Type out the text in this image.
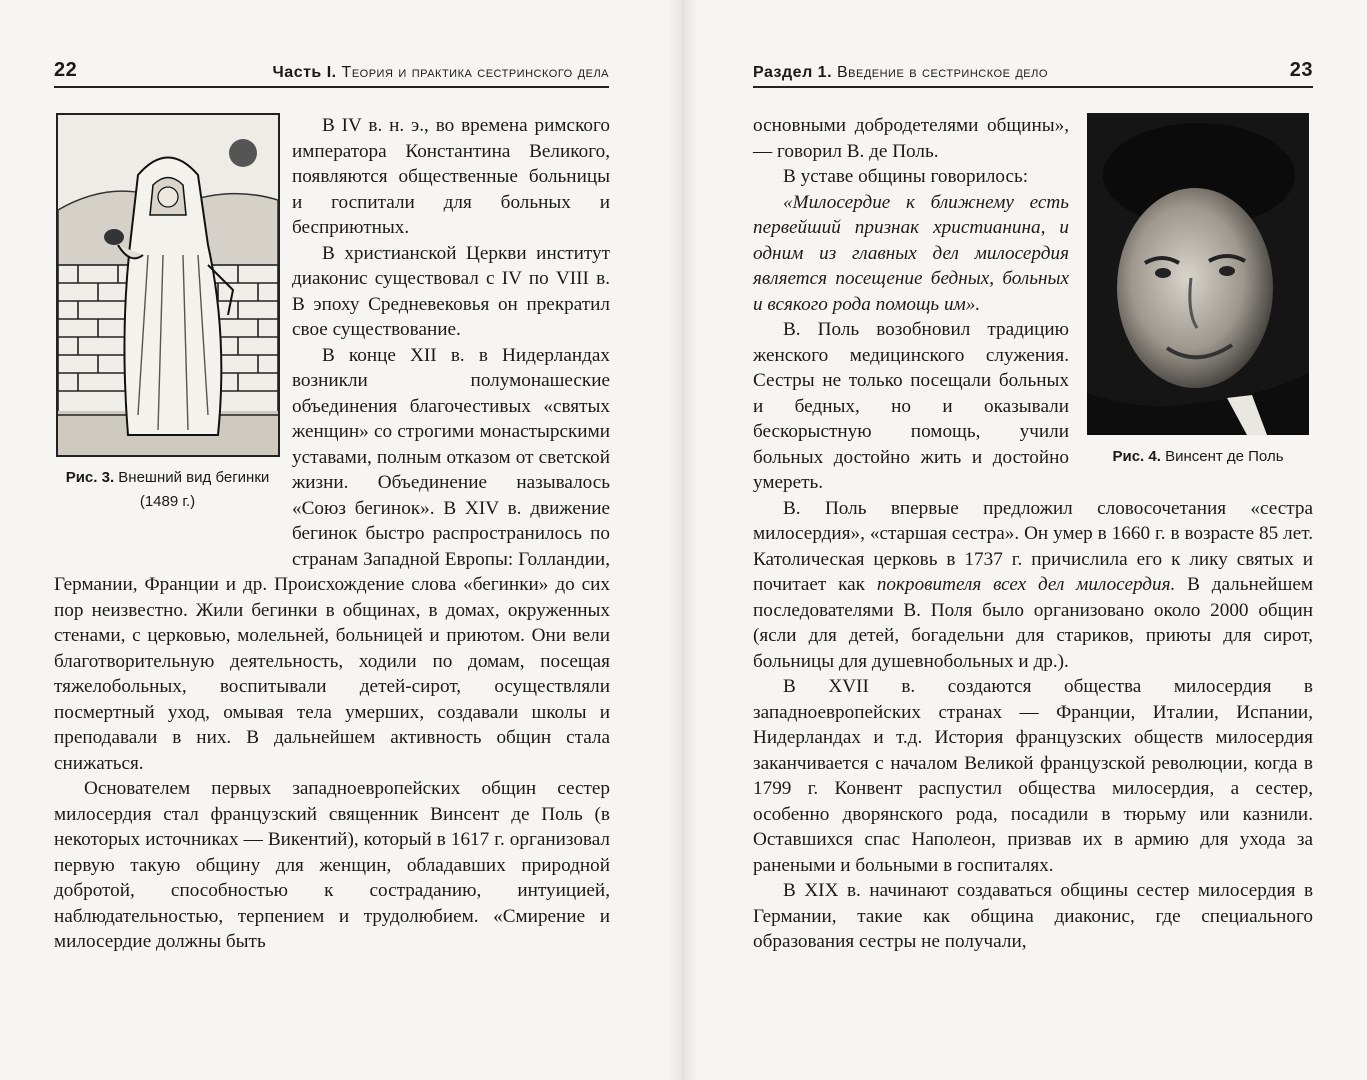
22	Часть I. Теория и практика сестринского дела
Рис. 3. Внешний вид бегинки (1489 г.)

В IV в. н. э., во времена римского императора Константина Великого, появляются общественные больницы и госпитали для больных и бесприютных.

В христианской Церкви институт диаконис существовал с IV по VIII в. В эпоху Средневековья он прекратил свое существование.

В конце XII в. в Нидерландах возникли полумонашеские объединения благочестивых «святых женщин» со строгими монастырскими уставами, полным отказом от светской жизни. Объединение называлось «Союз бегинок». В XIV в. движение бегинок быстро распространилось по странам Западной Европы: Голландии, Германии, Франции и др. Происхождение слова «бегинки» до сих пор неизвестно. Жили бегинки в общинах, в домах, окруженных стенами, с церковью, молельней, больницей и приютом. Они вели благотворительную деятельность, ходили по домам, посещая тяжелобольных, воспитывали детей-сирот, осуществляли посмертный уход, омывая тела умерших, создавали школы и преподавали в них. В дальнейшем активность общин стала снижаться.

Основателем первых западноевропейских общин сестер милосердия стал французский священник Винсент де Поль (в некоторых источниках — Викентий), который в 1617 г. организовал первую такую общину для женщин, обладавших природной добротой, способностью к сострадaнию, интуицией, наблюдательностью, терпением и трудолюбием. «Смирение и милосердие должны быть

Раздел 1. Введение в сестринское дело	23
Рис. 4. Винсент де Поль

основными добродетелями общины», — говорил В. де Поль.

В уставе общины говорилось:

«Милосердие к ближнему есть первейший признак христианина, и одним из главных дел милосердия является посещение бедных, больных и всякого рода помощь им».

В. Поль возобновил традицию женского медицинского служения. Сестры не только посещали больных и бедных, но и оказывали бескорыстную помощь, учили больных достойно жить и достойно умереть.

В. Поль впервые предложил словосочетания «сестра милосердия», «старшая сестра». Он умер в 1660 г. в возрасте 85 лет. Католическая церковь в 1737 г. причислила его к лику святых и почитает как покровителя всех дел милосердия. В дальнейшем последователями В. Поля было организовано около 2000 общин (ясли для детей, богадельни для стариков, приюты для сирот, больницы для душевнобольных и др.).

В XVII в. создаются общества милосердия в западноевропейских странах — Франции, Италии, Испании, Нидерландах и т.д. История французских обществ милосердия заканчивается с началом Великой французской революции, когда в 1799 г. Конвент распустил общества милосердия, а сестер, особенно дворянского рода, посадили в тюрьму или казнили. Оставшихся спас Наполеон, призвав их в армию для ухода за ранеными и больными в госпиталях.

В XIX в. начинают создаваться общины сестер милосердия в Германии, такие как община диаконис, где специального образования сестры не получали,
